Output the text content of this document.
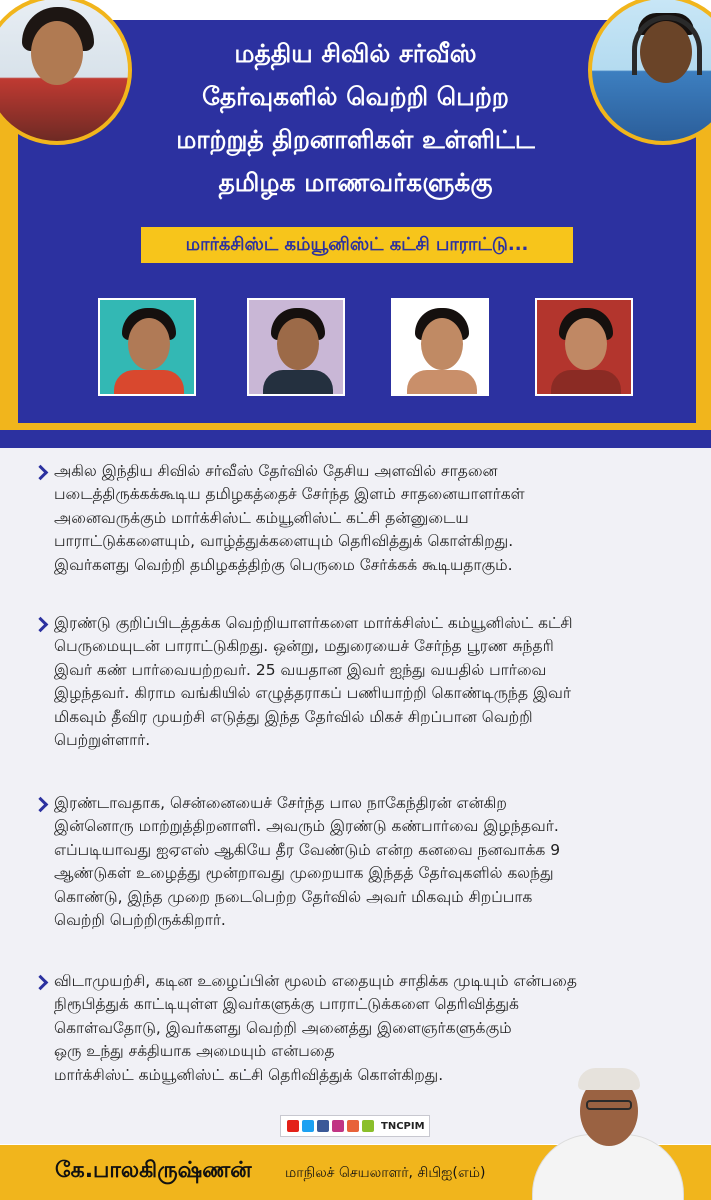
மத்திய சிவில் சர்வீஸ்
தேர்வுகளில் வெற்றி பெற்ற
மாற்றுத் திறனாளிகள் உள்ளிட்ட
தமிழக மாணவர்களுக்கு
மார்க்சிஸ்ட் கம்யூனிஸ்ட் கட்சி பாராட்டு...
அகில இந்திய சிவில் சர்வீஸ் தேர்வில் தேசிய அளவில் சாதனை
படைத்திருக்கக்கூடிய தமிழகத்தைச் சேர்ந்த இளம் சாதனையாளர்கள்
அனைவருக்கும் மார்க்சிஸ்ட் கம்யூனிஸ்ட் கட்சி தன்னுடைய
பாராட்டுக்களையும், வாழ்த்துக்களையும் தெரிவித்துக் கொள்கிறது.
இவர்களது வெற்றி தமிழகத்திற்கு பெருமை சேர்க்கக் கூடியதாகும்.
இரண்டு குறிப்பிடத்தக்க வெற்றியாளர்களை மார்க்சிஸ்ட் கம்யூனிஸ்ட் கட்சி
பெருமையுடன் பாராட்டுகிறது. ஒன்று, மதுரையைச் சேர்ந்த பூரண சுந்தரி
இவர் கண் பார்வையற்றவர். 25 வயதான இவர் ஐந்து வயதில் பார்வை
இழந்தவர். கிராம வங்கியில் எழுத்தராகப் பணியாற்றி கொண்டிருந்த இவர்
மிகவும் தீவிர முயற்சி எடுத்து இந்த தேர்வில் மிகச் சிறப்பான வெற்றி
பெற்றுள்ளார்.
இரண்டாவதாக, சென்னையைச் சேர்ந்த பால நாகேந்திரன் என்கிற
இன்னொரு மாற்றுத்திறனாளி. அவரும் இரண்டு கண்பார்வை இழந்தவர்.
எப்படியாவது ஐஏஎஸ் ஆகியே தீர வேண்டும் என்ற கனவை நனவாக்க 9
ஆண்டுகள் உழைத்து மூன்றாவது முறையாக இந்தத் தேர்வுகளில் கலந்து
கொண்டு, இந்த முறை நடைபெற்ற தேர்வில் அவர் மிகவும் சிறப்பாக
வெற்றி பெற்றிருக்கிறார்.
விடாமுயற்சி, கடின உழைப்பின் மூலம் எதையும் சாதிக்க முடியும் என்பதை
நிரூபித்துக் காட்டியுள்ள இவர்களுக்கு பாராட்டுக்களை தெரிவித்துக்
கொள்வதோடு, இவர்களது வெற்றி அனைத்து இளைஞர்களுக்கும்
ஒரு உந்து சக்தியாக அமையும் என்பதை
மார்க்சிஸ்ட் கம்யூனிஸ்ட் கட்சி தெரிவித்துக் கொள்கிறது.
TNCPIM
கே.பாலகிருஷ்ணன் மாநிலச் செயலாளர், சிபிஐ(எம்)
